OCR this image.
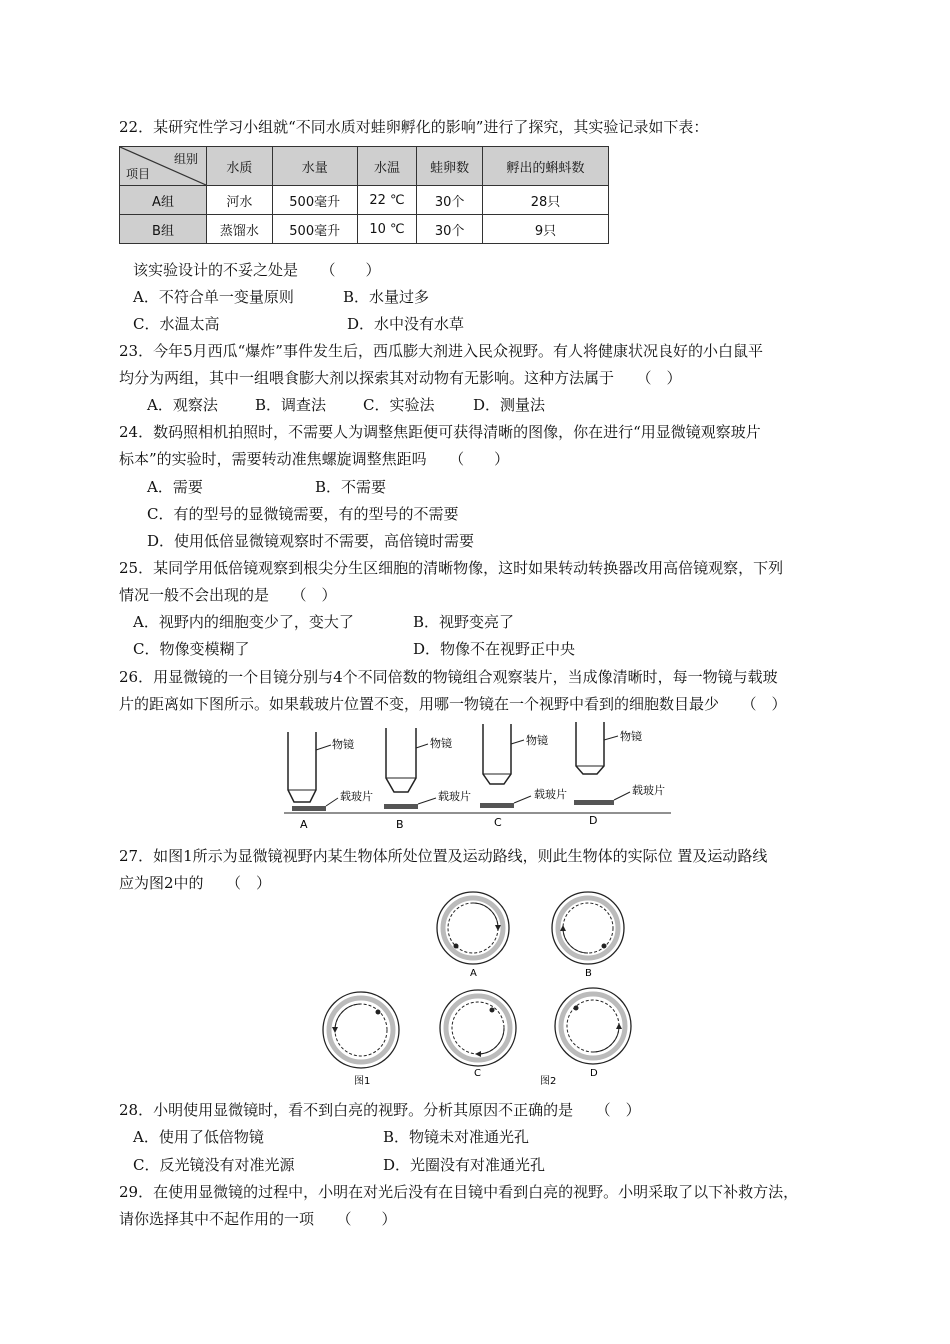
22．某研究性学习小组就“不同水质对蛙卵孵化的影响”进行了探究，其实验记录如下表：
组别
项目	水质	水量	水温	蛙卵数	孵出的蝌蚪数
A组	河水	500毫升	22 ℃	30个	28只
B组	蒸馏水	500毫升	10 ℃	30个	9只
该实验设计的不妥之处是　　（　　）
A．不符合单一变量原则	B．水量过多
C．水温太高	D．水中没有水草
23．今年5月西瓜“爆炸”事件发生后，西瓜膨大剂进入民众视野。有人将健康状况良好的小白鼠平
均分为两组，其中一组喂食膨大剂以探索其对动物有无影响。这种方法属于　　（　）
A．观察法 B．调查法 C．实验法	D．测量法
24．数码照相机拍照时，不需要人为调整焦距便可获得清晰的图像，你在进行“用显微镜观察玻片
标本”的实验时，需要转动准焦螺旋调整焦距吗　　（　　）
A．需要	B．不需要
C．有的型号的显微镜需要，有的型号的不需要
D．使用低倍显微镜观察时不需要，高倍镜时需要
25．某同学用低倍镜观察到根尖分生区细胞的清晰物像，这时如果转动转换器改用高倍镜观察，下列
情况一般不会出现的是　　（　）
A．视野内的细胞变少了，变大了	B．视野变亮了
C．物像变模糊了	D．物像不在视野正中央
26．用显微镜的一个目镜分别与4个不同倍数的物镜组合观察装片，当成像清晰时，每一物镜与载玻
片的距离如下图所示。如果载玻片位置不变，用哪一物镜在一个视野中看到的细胞数目最少　　（　）
物镜
载玻片
A
物镜
载玻片
B
物镜
载玻片
C
物镜
载玻片
D
27．如图1所示为显微镜视野内某生物体所处位置及运动路线，则此生物体的实际位 置及运动路线
应为图2中的　　（　）
A	B
图1
C
图2
D
28．小明使用显微镜时，看不到白亮的视野。分析其原因不正确的是　　（　）
A．使用了低倍物镜	B．物镜未对准通光孔
C．反光镜没有对准光源	D．光圈没有对准通光孔
29．在使用显微镜的过程中，小明在对光后没有在目镜中看到白亮的视野。小明采取了以下补救方法，
请你选择其中不起作用的一项　　（　　）
